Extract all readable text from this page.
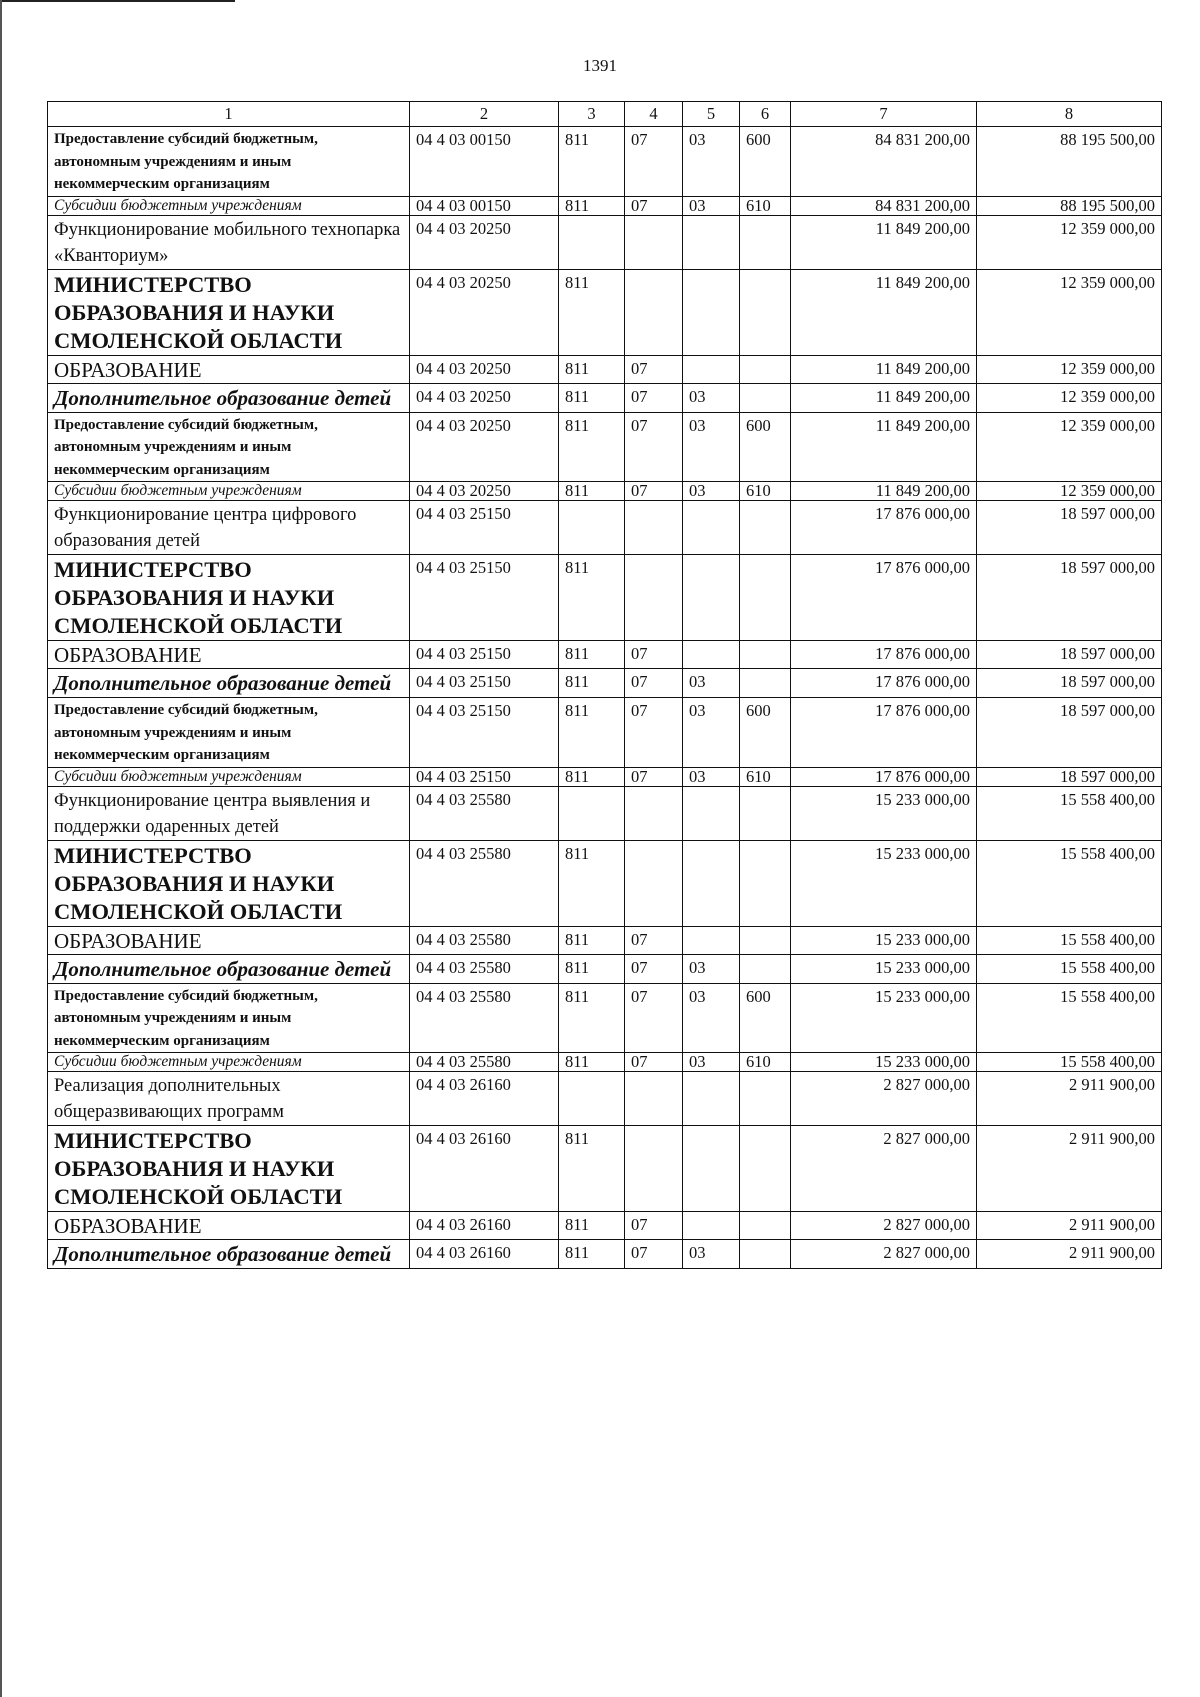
1391
1	2	3	4	5	6	7	8
Предоставление субсидий бюджетным, автономным учреждениям и иным некоммерческим организациям	04 4 03 00150	811	07	03	600	84 831 200,00	88 195 500,00
Субсидии бюджетным учреждениям	04 4 03 00150	811	07	03	610	84 831 200,00	88 195 500,00
Функционирование мобильного технопарка «Кванториум»	04 4 03 20250					11 849 200,00	12 359 000,00
МИНИСТЕРСТВО ОБРАЗОВАНИЯ И НАУКИ СМОЛЕНСКОЙ ОБЛАСТИ	04 4 03 20250	811				11 849 200,00	12 359 000,00
ОБРАЗОВАНИЕ	04 4 03 20250	811	07			11 849 200,00	12 359 000,00
Дополнительное образование детей	04 4 03 20250	811	07	03		11 849 200,00	12 359 000,00
Предоставление субсидий бюджетным, автономным учреждениям и иным некоммерческим организациям	04 4 03 20250	811	07	03	600	11 849 200,00	12 359 000,00
Субсидии бюджетным учреждениям	04 4 03 20250	811	07	03	610	11 849 200,00	12 359 000,00
Функционирование центра цифрового образования детей	04 4 03 25150					17 876 000,00	18 597 000,00
МИНИСТЕРСТВО ОБРАЗОВАНИЯ И НАУКИ СМОЛЕНСКОЙ ОБЛАСТИ	04 4 03 25150	811				17 876 000,00	18 597 000,00
ОБРАЗОВАНИЕ	04 4 03 25150	811	07			17 876 000,00	18 597 000,00
Дополнительное образование детей	04 4 03 25150	811	07	03		17 876 000,00	18 597 000,00
Предоставление субсидий бюджетным, автономным учреждениям и иным некоммерческим организациям	04 4 03 25150	811	07	03	600	17 876 000,00	18 597 000,00
Субсидии бюджетным учреждениям	04 4 03 25150	811	07	03	610	17 876 000,00	18 597 000,00
Функционирование центра выявления и поддержки одаренных детей	04 4 03 25580					15 233 000,00	15 558 400,00
МИНИСТЕРСТВО ОБРАЗОВАНИЯ И НАУКИ СМОЛЕНСКОЙ ОБЛАСТИ	04 4 03 25580	811				15 233 000,00	15 558 400,00
ОБРАЗОВАНИЕ	04 4 03 25580	811	07			15 233 000,00	15 558 400,00
Дополнительное образование детей	04 4 03 25580	811	07	03		15 233 000,00	15 558 400,00
Предоставление субсидий бюджетным, автономным учреждениям и иным некоммерческим организациям	04 4 03 25580	811	07	03	600	15 233 000,00	15 558 400,00
Субсидии бюджетным учреждениям	04 4 03 25580	811	07	03	610	15 233 000,00	15 558 400,00
Реализация дополнительных общеразвивающих программ	04 4 03 26160					2 827 000,00	2 911 900,00
МИНИСТЕРСТВО ОБРАЗОВАНИЯ И НАУКИ СМОЛЕНСКОЙ ОБЛАСТИ	04 4 03 26160	811				2 827 000,00	2 911 900,00
ОБРАЗОВАНИЕ	04 4 03 26160	811	07			2 827 000,00	2 911 900,00
Дополнительное образование детей	04 4 03 26160	811	07	03		2 827 000,00	2 911 900,00
